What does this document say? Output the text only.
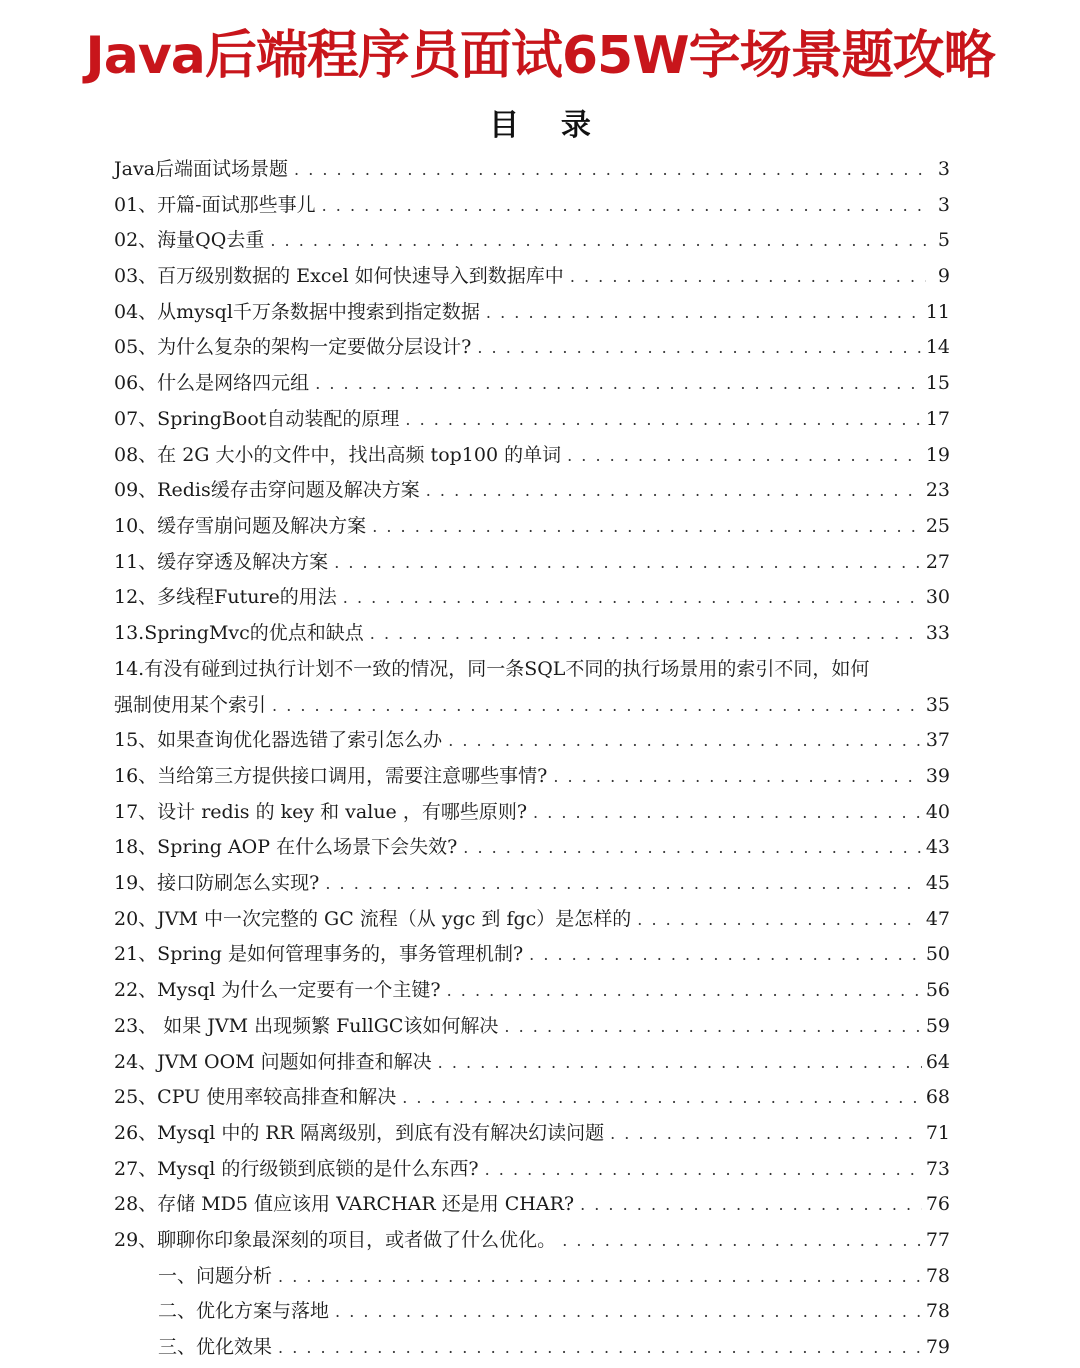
Java后端程序员面试65W字场景题攻略
目    录
Java后端面试场景题 . . .	3
01、开篇-面试那些事儿 . . .	3
02、海量QQ去重 . . .	5
03、百万级别数据的 Excel 如何快速导入到数据库中 . . .	9
04、从mysql千万条数据中搜索到指定数据 . . .	11
05、为什么复杂的架构一定要做分层设计? . . .	14
06、什么是网络四元组 . . .	15
07、SpringBoot自动装配的原理 . . .	17
08、在 2G 大小的文件中，找出高频 top100 的单词 . . .	19
09、Redis缓存击穿问题及解决方案 . . .	23
10、缓存雪崩问题及解决方案 . . .	25
11、缓存穿透及解决方案 . . .	27
12、多线程Future的用法 . . .	30
13.SpringMvc的优点和缺点 . . .	33
14.有没有碰到过执行计划不一致的情况，同一条SQL不同的执行场景用的索引不同，如何
强制使用某个索引 . . .	35
15、如果查询优化器选错了索引怎么办 . . .	37
16、当给第三方提供接口调用，需要注意哪些事情? . . .	39
17、设计 redis 的 key 和 value ，有哪些原则? . . .	40
18、Spring AOP 在什么场景下会失效? . . .	43
19、接口防刷怎么实现? . . .	45
20、JVM 中一次完整的 GC 流程（从 ygc 到 fgc）是怎样的 . . .	47
21、Spring 是如何管理事务的，事务管理机制? . . .	50
22、Mysql 为什么一定要有一个主键? . . .	56
23、 如果 JVM 出现频繁 FullGC该如何解决 . . .	59
24、JVM OOM 问题如何排查和解决 . . .	64
25、CPU 使用率较高排查和解决 . . .	68
26、Mysql 中的 RR 隔离级别，到底有没有解决幻读问题 . . .	71
27、Mysql 的行级锁到底锁的是什么东西? . . .	73
28、存储 MD5 值应该用 VARCHAR 还是用 CHAR? . . .	76
29、聊聊你印象最深刻的项目，或者做了什么优化。 . . .	77
一、问题分析 . . .	78
二、优化方案与落地 . . .	78
三、优化效果 . . .	79
